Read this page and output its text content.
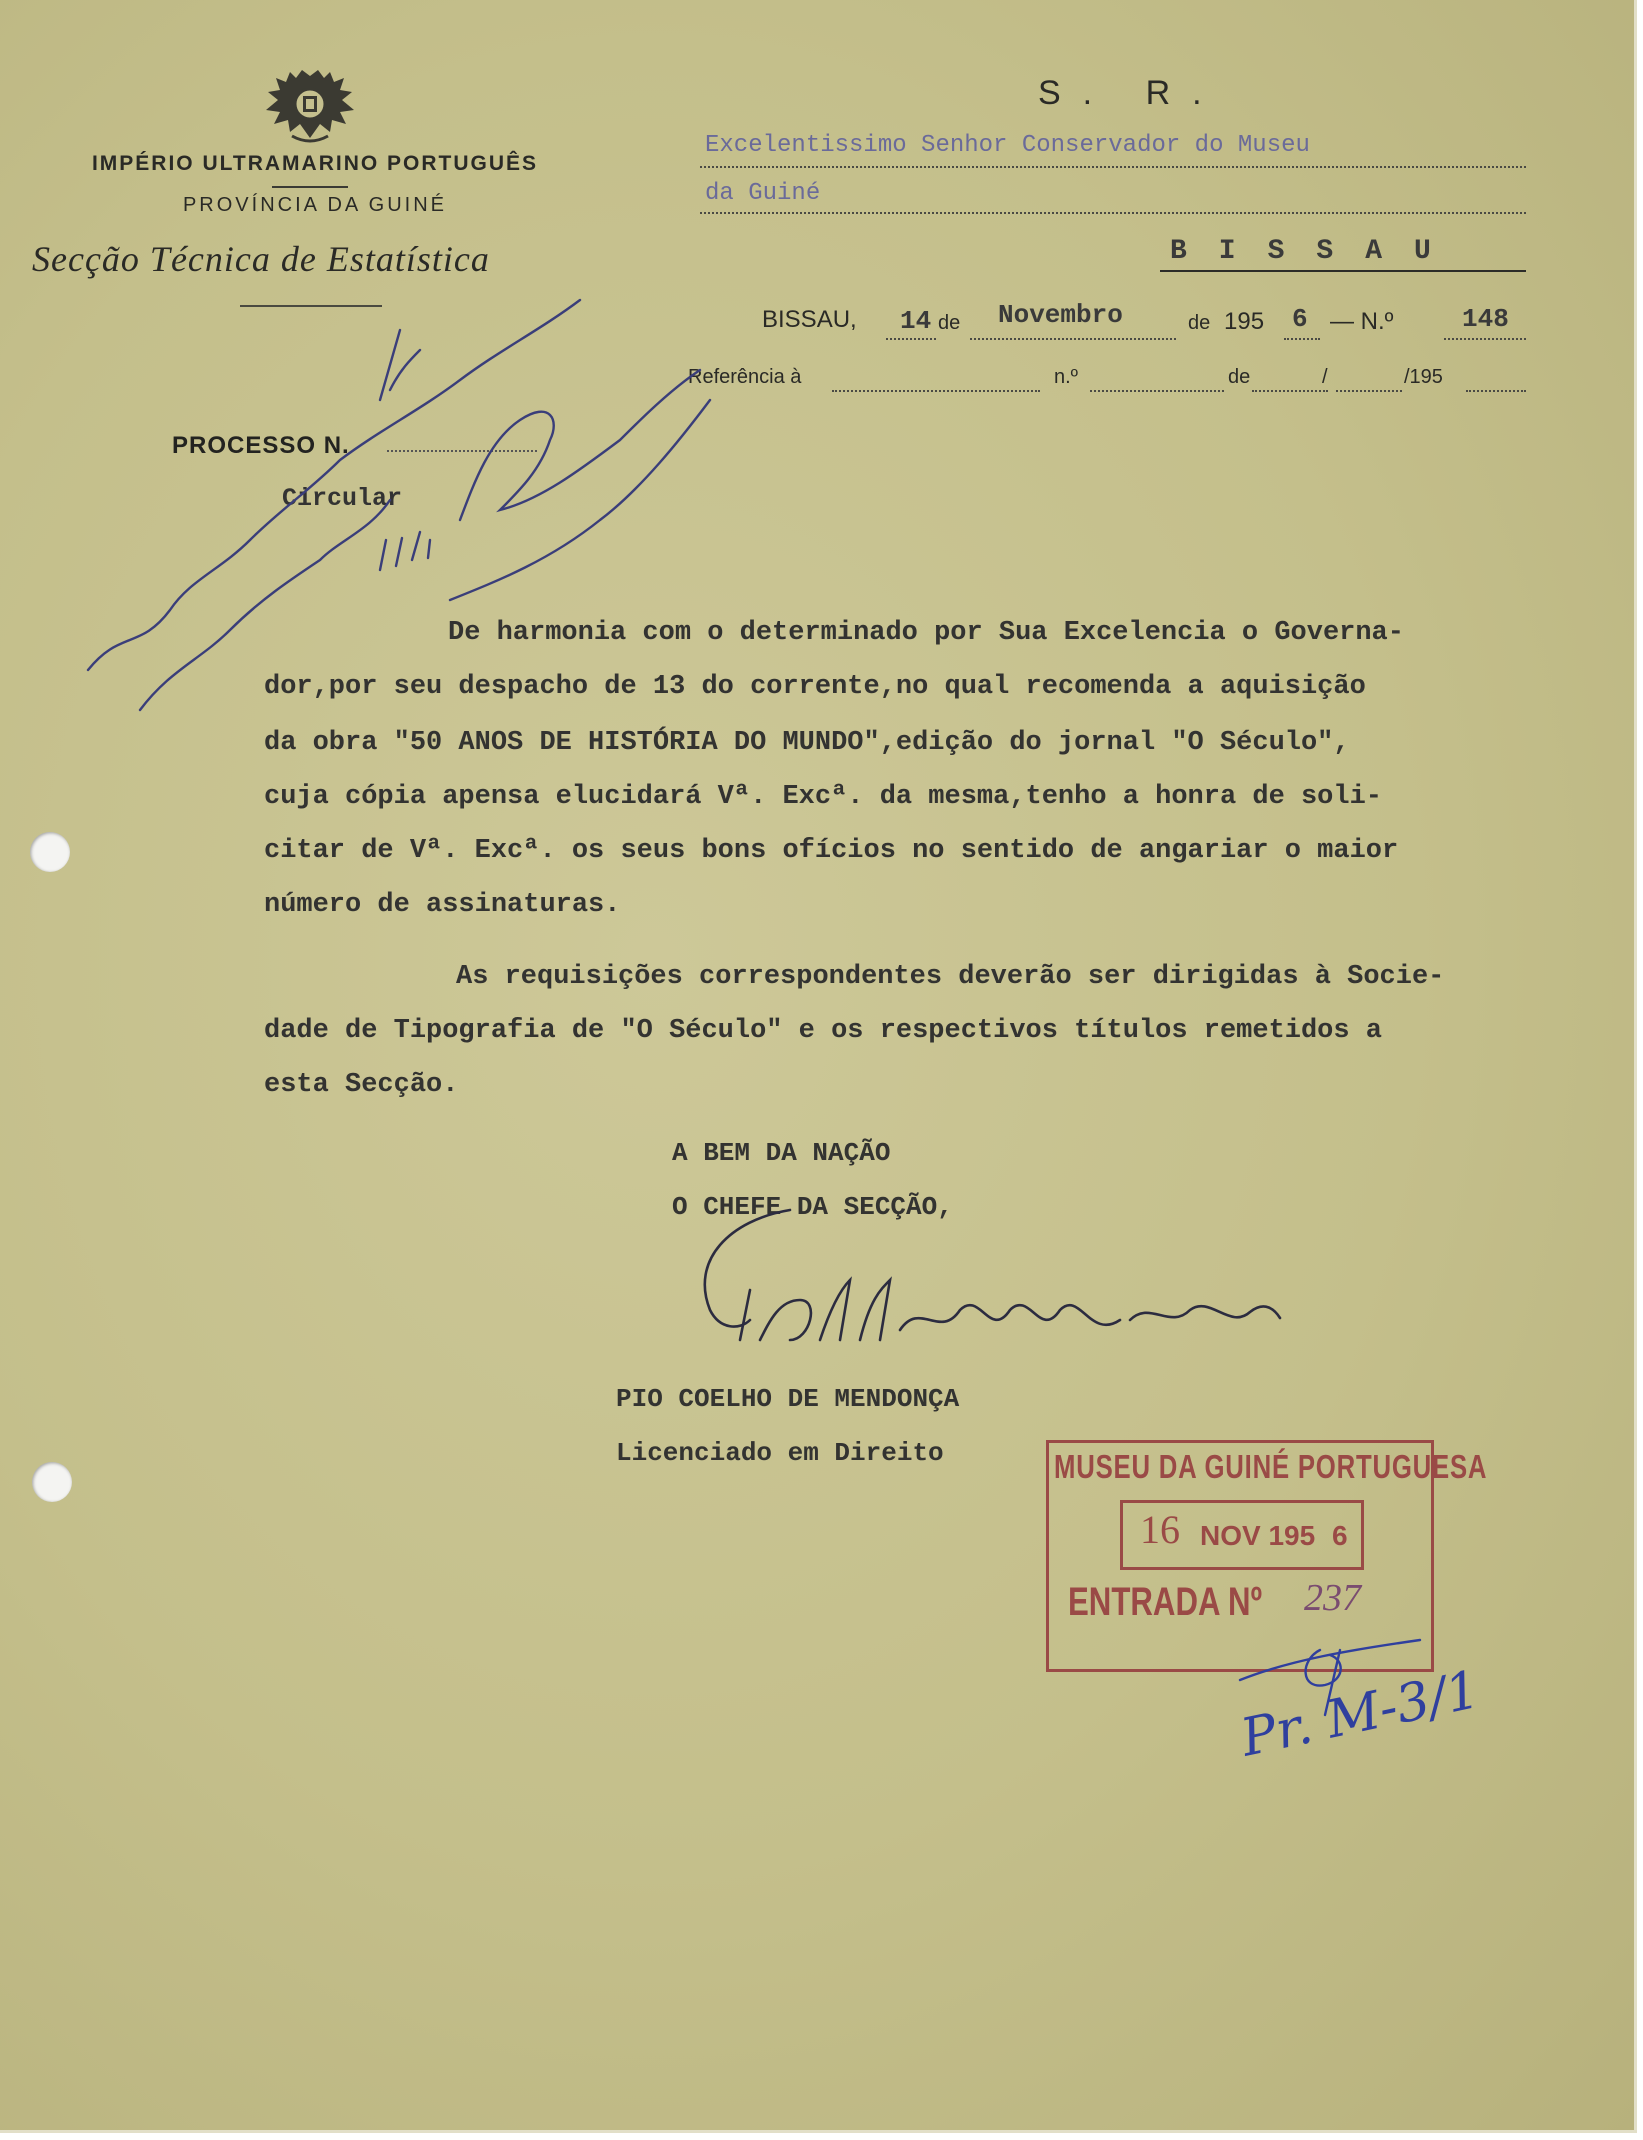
IMPÉRIO ULTRAMARINO PORTUGUÊS
PROVÍNCIA DA GUINÉ
Secção Técnica de Estatística
PROCESSO N.
Circular
S. R.
Excelentissimo Senhor Conservador do Museu
da Guiné
BISSAU
BISSAU, 14 de Novembro	de 195 6 — N.º	148
Referência à	n.º	de	/	/195
De harmonia com o determinado por Sua Excelencia o Governa-
dor,por seu despacho de 13 do corrente,no qual recomenda a aquisição
da obra "50 ANOS DE HISTÓRIA DO MUNDO",edição do jornal "O Século",
cuja cópia apensa elucidará Vª. Excª. da mesma,tenho a honra de soli-
citar de Vª. Excª. os seus bons ofícios no sentido de angariar o maior
número de assinaturas.
As requisições correspondentes deverão ser dirigidas à Socie-
dade de Tipografia de "O Século" e os respectivos títulos remetidos a
esta Secção.
A BEM DA NAÇÃO
O CHEFE DA SECÇÃO,
PIO COELHO DE MENDONÇA
Licenciado em Direito	MUSEU DA GUINÉ PORTUGUESA
16 NOV 195 6
ENTRADA Nº 237
Pr. M-3/1
